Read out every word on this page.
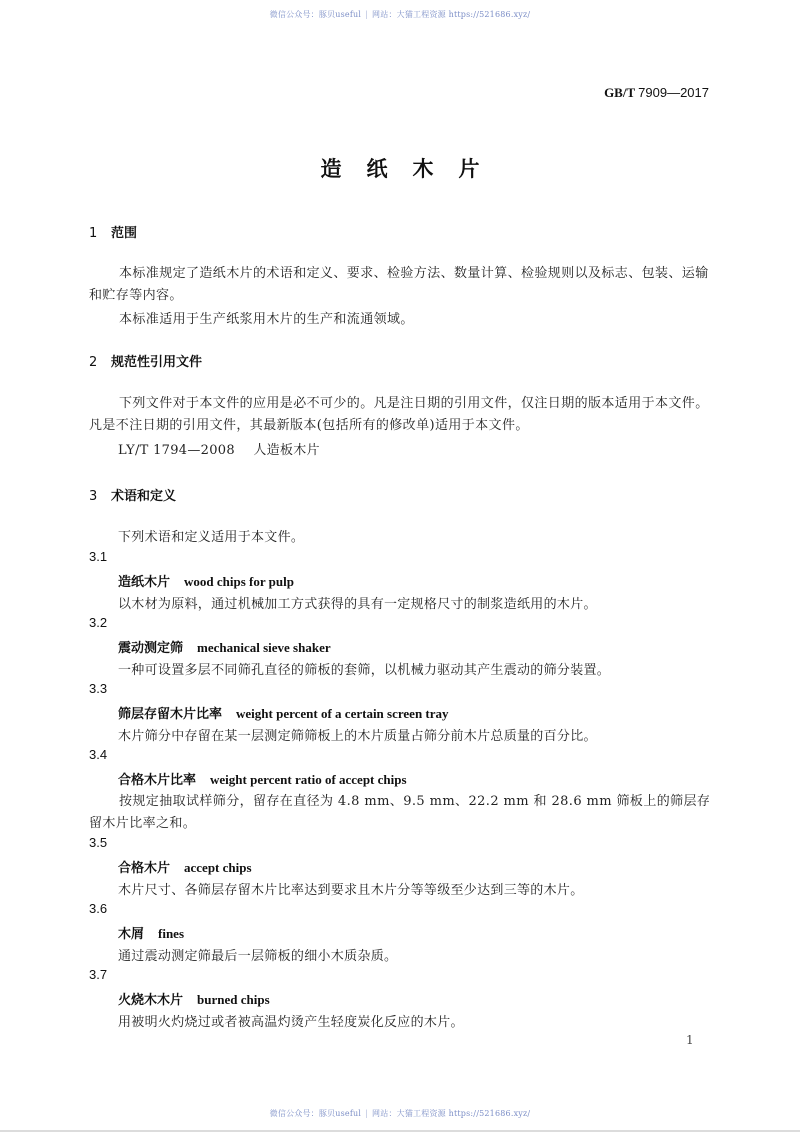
微信公众号：豚贝useful | 网站：大猫工程资源 https://521686.xyz/
GB/T 7909—2017
造纸木片
1 范围
本标准规定了造纸木片的术语和定义、要求、检验方法、数量计算、检验规则以及标志、包装、运输和贮存等内容。
本标准适用于生产纸浆用木片的生产和流通领域。
2 规范性引用文件
下列文件对于本文件的应用是必不可少的。凡是注日期的引用文件，仅注日期的版本适用于本文件。凡是不注日期的引用文件，其最新版本(包括所有的修改单)适用于本文件。
LY/T 1794—2008 人造板木片
3 术语和定义
下列术语和定义适用于本文件。
3.1
造纸木片 wood chips for pulp
以木材为原料，通过机械加工方式获得的具有一定规格尺寸的制浆造纸用的木片。
3.2
震动测定筛 mechanical sieve shaker
一种可设置多层不同筛孔直径的筛板的套筛，以机械力驱动其产生震动的筛分装置。
3.3
筛层存留木片比率 weight percent of a certain screen tray
木片筛分中存留在某一层测定筛筛板上的木片质量占筛分前木片总质量的百分比。
3.4
合格木片比率 weight percent ratio of accept chips
按规定抽取试样筛分，留存在直径为 4.8 mm、9.5 mm、22.2 mm 和 28.6 mm 筛板上的筛层存留木片比率之和。
3.5
合格木片 accept chips
木片尺寸、各筛层存留木片比率达到要求且木片分等等级至少达到三等的木片。
3.6
木屑 fines
通过震动测定筛最后一层筛板的细小木质杂质。
3.7
火烧木木片 burned chips
用被明火灼烧过或者被高温灼烫产生轻度炭化反应的木片。
1
微信公众号：豚贝useful | 网站：大猫工程资源 https://521686.xyz/
